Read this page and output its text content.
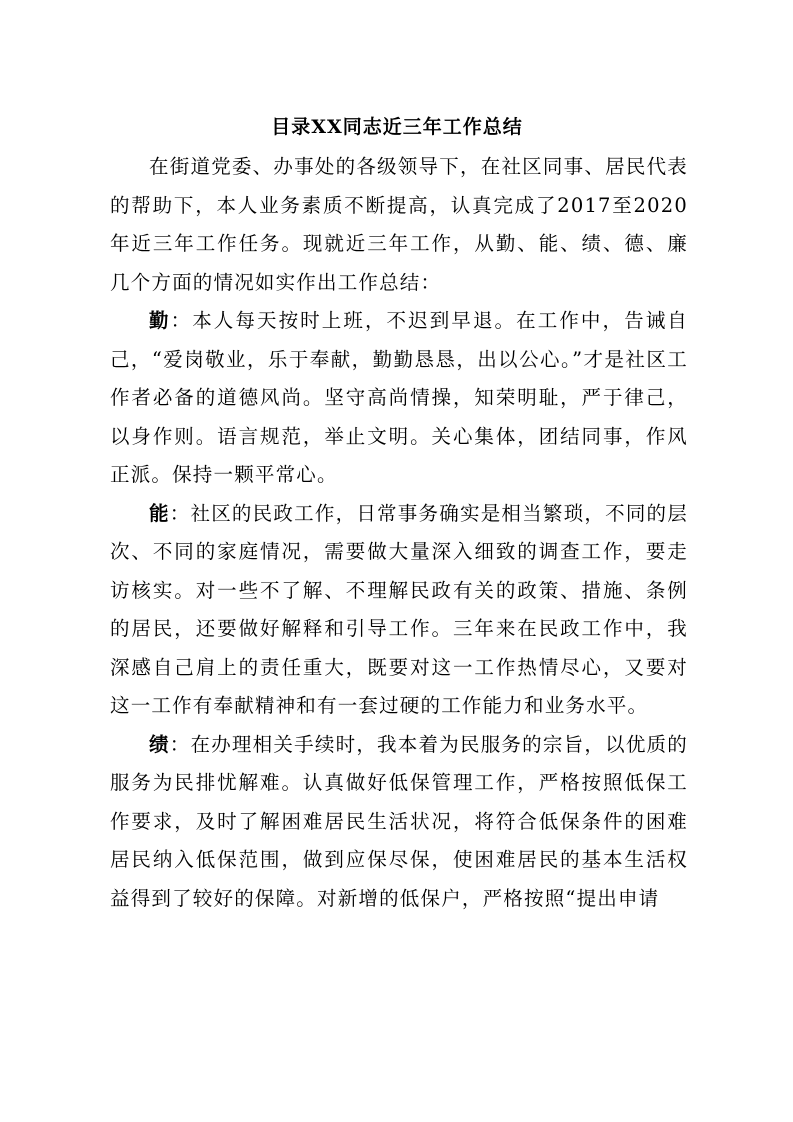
目录XX同志近三年工作总结

在街道党委、办事处的各级领导下，在社区同事、居民代表的帮助下，本人业务素质不断提高，认真完成了2017至2020年近三年工作任务。现就近三年工作，从勤、能、绩、德、廉几个方面的情况如实作出工作总结：

勤：本人每天按时上班，不迟到早退。在工作中，告诫自己，“爱岗敬业，乐于奉献，勤勤恳恳，出以公心。”才是社区工作者必备的道德风尚。坚守高尚情操，知荣明耻，严于律己，以身作则。语言规范，举止文明。关心集体，团结同事，作风正派。保持一颗平常心。

能：社区的民政工作，日常事务确实是相当繁琐，不同的层次、不同的家庭情况，需要做大量深入细致的调查工作，要走访核实。对一些不了解、不理解民政有关的政策、措施、条例的居民，还要做好解释和引导工作。三年来在民政工作中，我深感自己肩上的责任重大，既要对这一工作热情尽心，又要对这一工作有奉献精神和有一套过硬的工作能力和业务水平。

绩：在办理相关手续时，我本着为民服务的宗旨，以优质的服务为民排忧解难。认真做好低保管理工作，严格按照低保工作要求，及时了解困难居民生活状况，将符合低保条件的困难居民纳入低保范围，做到应保尽保，使困难居民的基本生活权益得到了较好的保障。对新增的低保户，严格按照“提出申请
